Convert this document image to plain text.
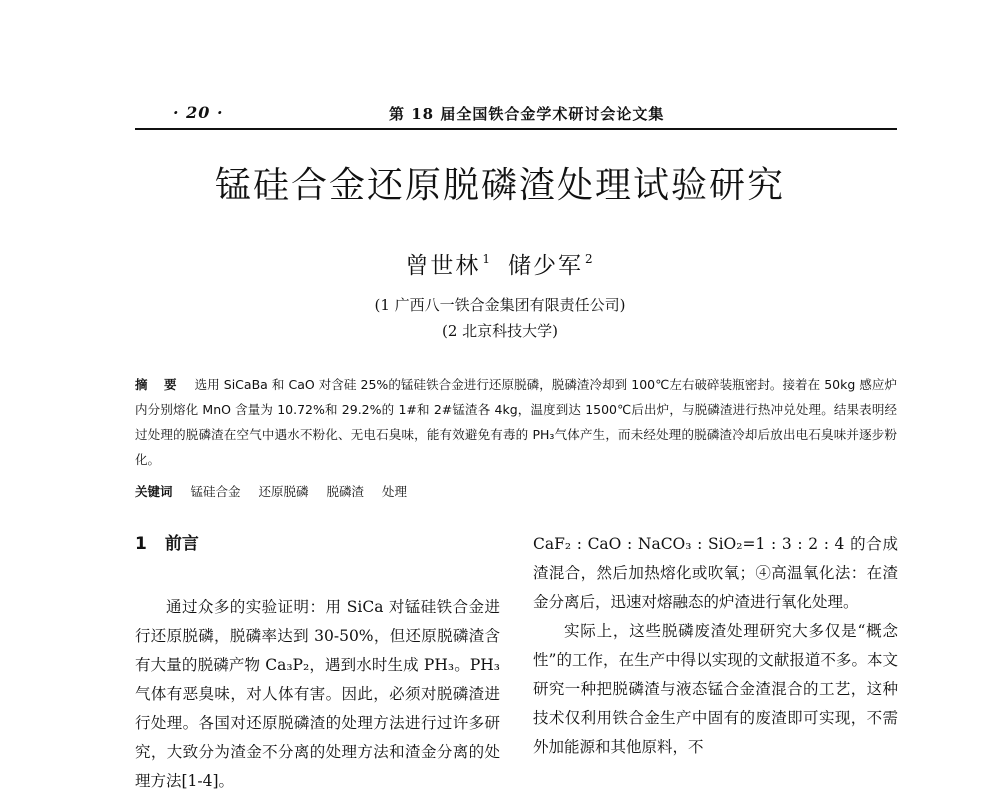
· 20 ·	第 18 届全国铁合金学术研讨会论文集
锰硅合金还原脱磷渣处理试验研究
曾世林 $^1$ 储少军 $^2$
(1 广西八一铁合金集团有限责任公司)
(2 北京科技大学)
摘 要 选用 SiCaBa 和 CaO 对含硅 25%的锰硅铁合金进行还原脱磷，脱磷渣冷却到 100℃左右破碎装瓶密封。接着在 50kg 感应炉内分别熔化 MnO 含量为 10.72%和 29.2%的 1#和 2#锰渣各 4kg，温度到达 1500℃后出炉，与脱磷渣进行热冲兑处理。结果表明经过处理的脱磷渣在空气中遇水不粉化、无电石臭味，能有效避免有毒的 PH₃气体产生，而未经处理的脱磷渣冷却后放出电石臭味并逐步粉化。
关键词 锰硅合金 还原脱磷 脱磷渣 处理
1 前言

通过众多的实验证明：用 SiCa 对锰硅铁合金进行还原脱磷，脱磷率达到 30-50%，但还原脱磷渣含有大量的脱磷产物 Ca₃P₂，遇到水时生成 PH₃。PH₃气体有恶臭味，对人体有害。因此，必须对脱磷渣进行处理。各国对还原脱磷渣的处理方法进行过许多研究，大致分为渣金不分离的处理方法和渣金分离的处理方法[1-4]。

CaF₂ : CaO : NaCO₃ : SiO₂=1 : 3 : 2 : 4 的合成渣混合，然后加热熔化或吹氧；④高温氧化法：在渣金分离后，迅速对熔融态的炉渣进行氧化处理。

实际上，这些脱磷废渣处理研究大多仅是“概念性”的工作，在生产中得以实现的文献报道不多。本文研究一种把脱磷渣与液态锰合金渣混合的工艺，这种技术仅利用铁合金生产中固有的废渣即可实现，不需外加能源和其他原料，不
